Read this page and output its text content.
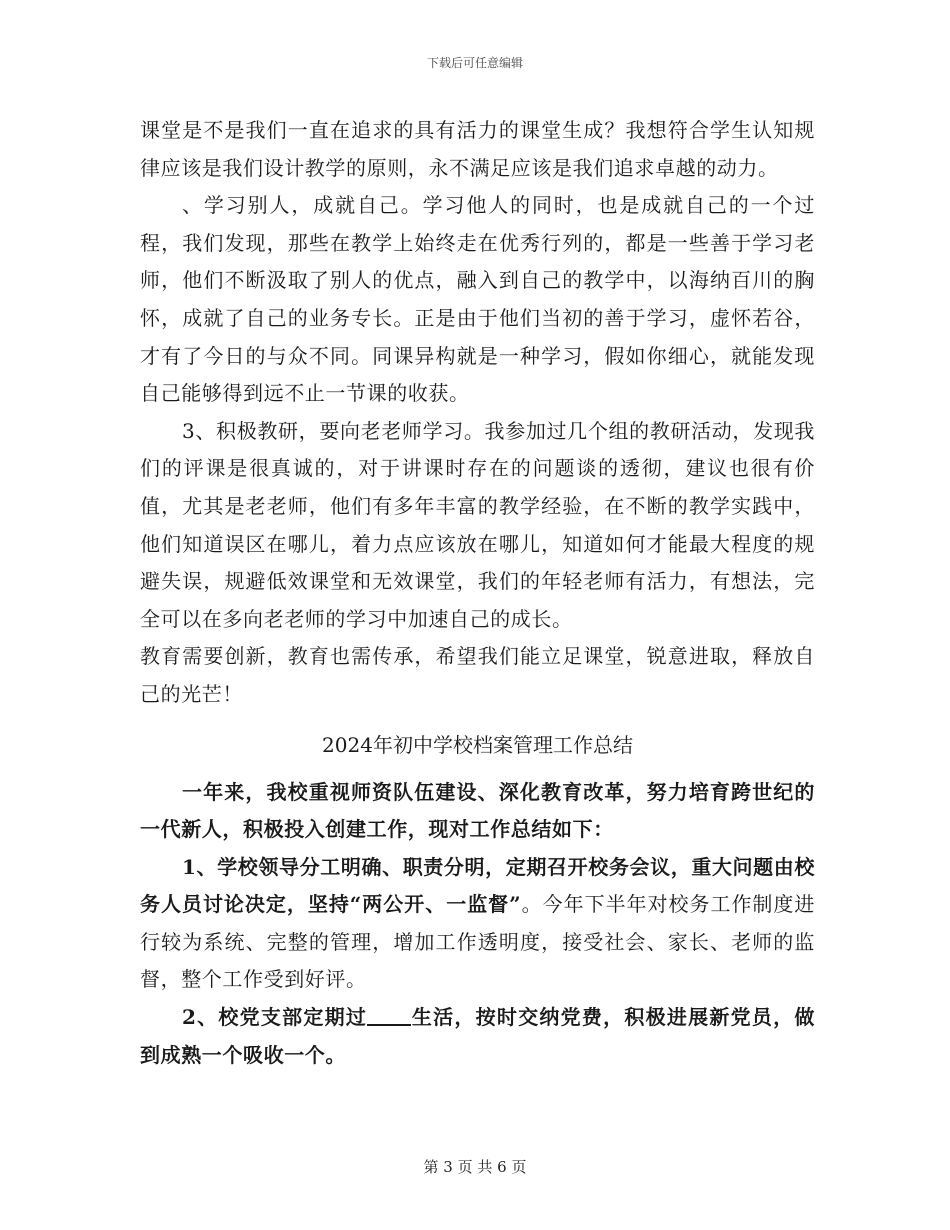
下载后可任意编辑

课堂是不是我们一直在追求的具有活力的课堂生成？我想符合学生认知规律应该是我们设计教学的原则，永不满足应该是我们追求卓越的动力。

、学习别人，成就自己。学习他人的同时，也是成就自己的一个过程，我们发现，那些在教学上始终走在优秀行列的，都是一些善于学习老师，他们不断汲取了别人的优点，融入到自己的教学中，以海纳百川的胸怀，成就了自己的业务专长。正是由于他们当初的善于学习，虚怀若谷，才有了今日的与众不同。同课异构就是一种学习，假如你细心，就能发现自己能够得到远不止一节课的收获。

3、积极教研，要向老老师学习。我参加过几个组的教研活动，发现我们的评课是很真诚的，对于讲课时存在的问题谈的透彻，建议也很有价值，尤其是老老师，他们有多年丰富的教学经验，在不断的教学实践中，他们知道误区在哪儿，着力点应该放在哪儿，知道如何才能最大程度的规避失误，规避低效课堂和无效课堂，我们的年轻老师有活力，有想法，完全可以在多向老老师的学习中加速自己的成长。

教育需要创新，教育也需传承，希望我们能立足课堂，锐意进取，释放自己的光芒！

2024年初中学校档案管理工作总结

一年来，我校重视师资队伍建设、深化教育改革，努力培育跨世纪的一代新人，积极投入创建工作，现对工作总结如下：

1、学校领导分工明确、职责分明，定期召开校务会议，重大问题由校务人员讨论决定，坚持“两公开、一监督”。今年下半年对校务工作制度进行较为系统、完整的管理，增加工作透明度，接受社会、家长、老师的监督，整个工作受到好评。

2、校党支部定期过 生活，按时交纳党费，积极进展新党员，做到成熟一个吸收一个。

第 3 页 共 6 页
